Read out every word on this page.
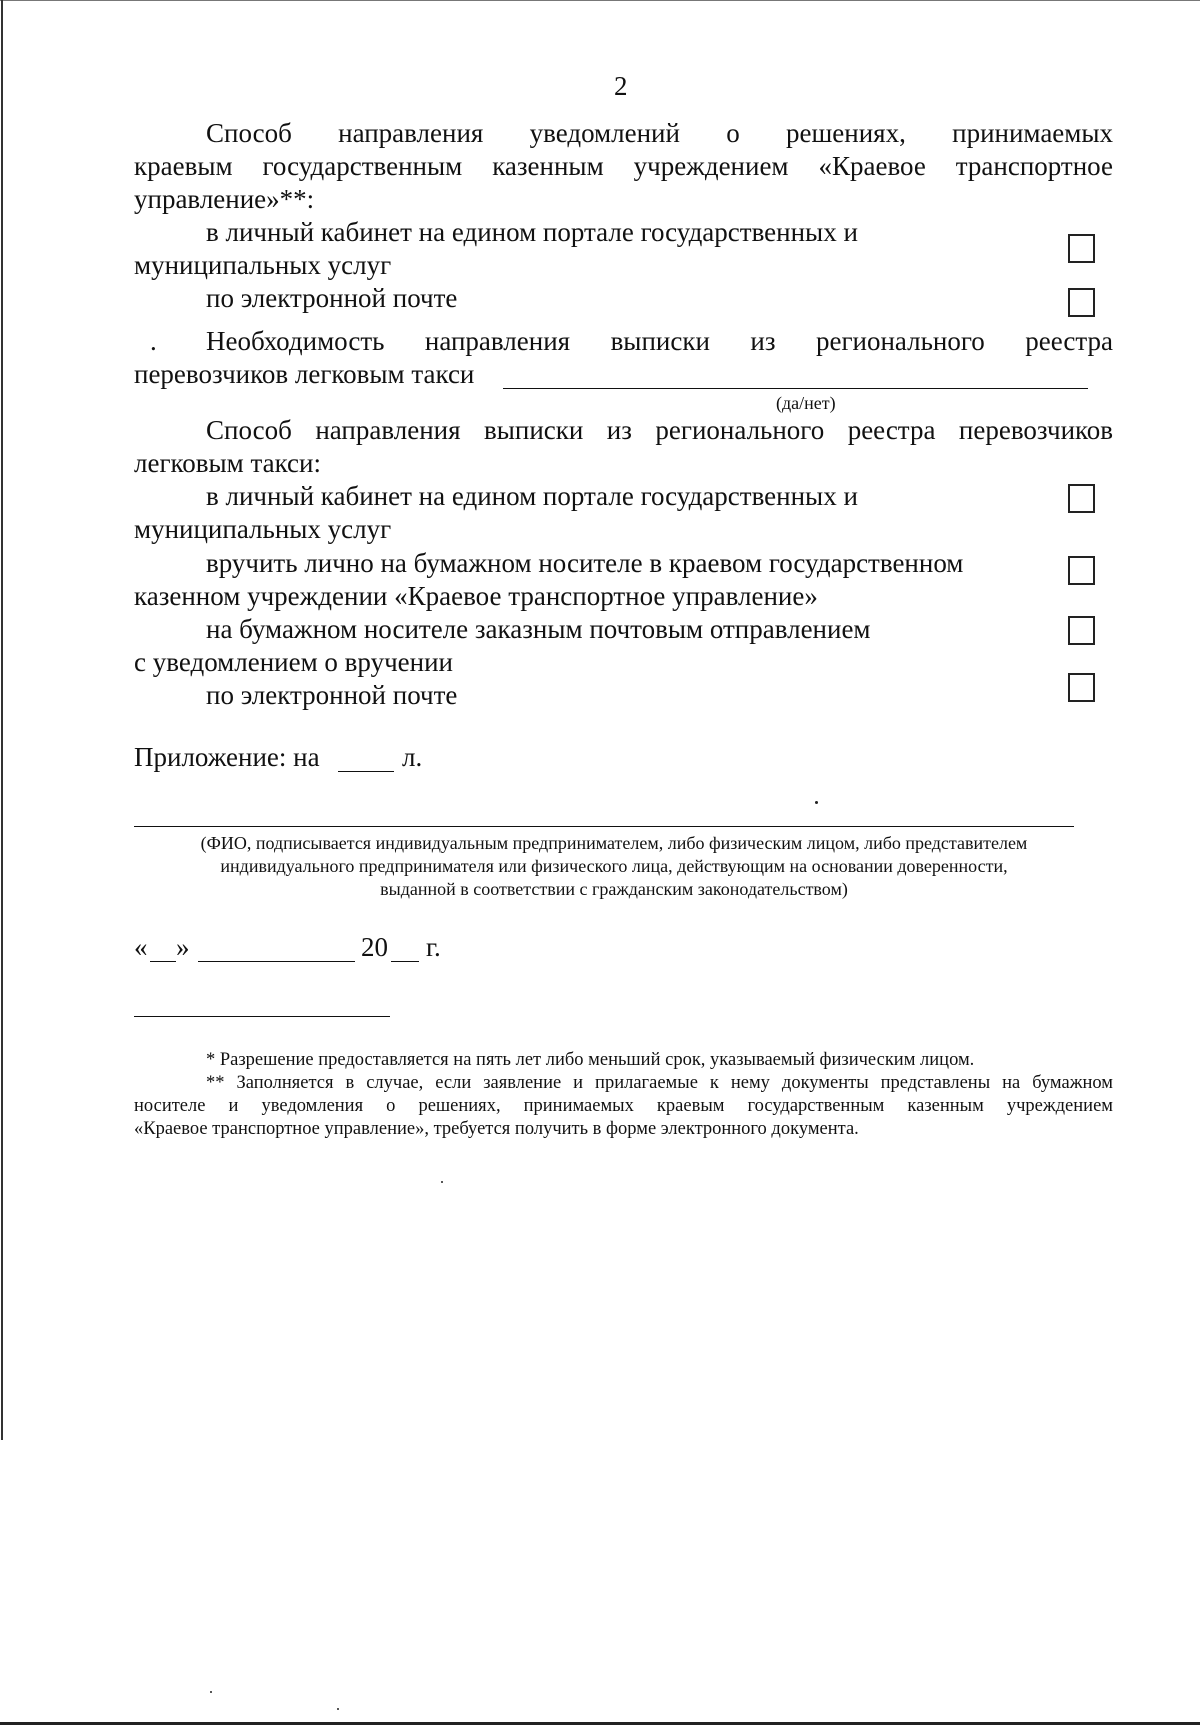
2
Способ направления уведомлений о решениях, принимаемых
краевым государственным казенным учреждением «Краевое транспортное
управление»**:
в личный кабинет на едином портале государственных и
муниципальных услуг
по электронной почте
. Необходимость направления выписки из регионального реестра
перевозчиков легковым такси
(да/нет)
Способ направления выписки из регионального реестра перевозчиков
легковым такси:
в личный кабинет на едином портале государственных и
муниципальных услуг
вручить лично на бумажном носителе в краевом государственном
казенном учреждении «Краевое транспортное управление»
на бумажном носителе заказным почтовым отправлением
с уведомлением о вручении
по электронной почте
Приложение: на	л.
(ФИО, подписывается индивидуальным предпринимателем, либо физическим лицом, либо представителем
индивидуального предпринимателя или физического лица, действующим на основании доверенности,
выданной в соответствии с гражданским законодательством)
« »	20 г.
* Разрешение предоставляется на пять лет либо меньший срок, указываемый физическим лицом.
** Заполняется в случае, если заявление и прилагаемые к нему документы представлены на бумажном
носителе и уведомления о решениях, принимаемых краевым государственным казенным учреждением
«Краевое транспортное управление», требуется получить в форме электронного документа.
